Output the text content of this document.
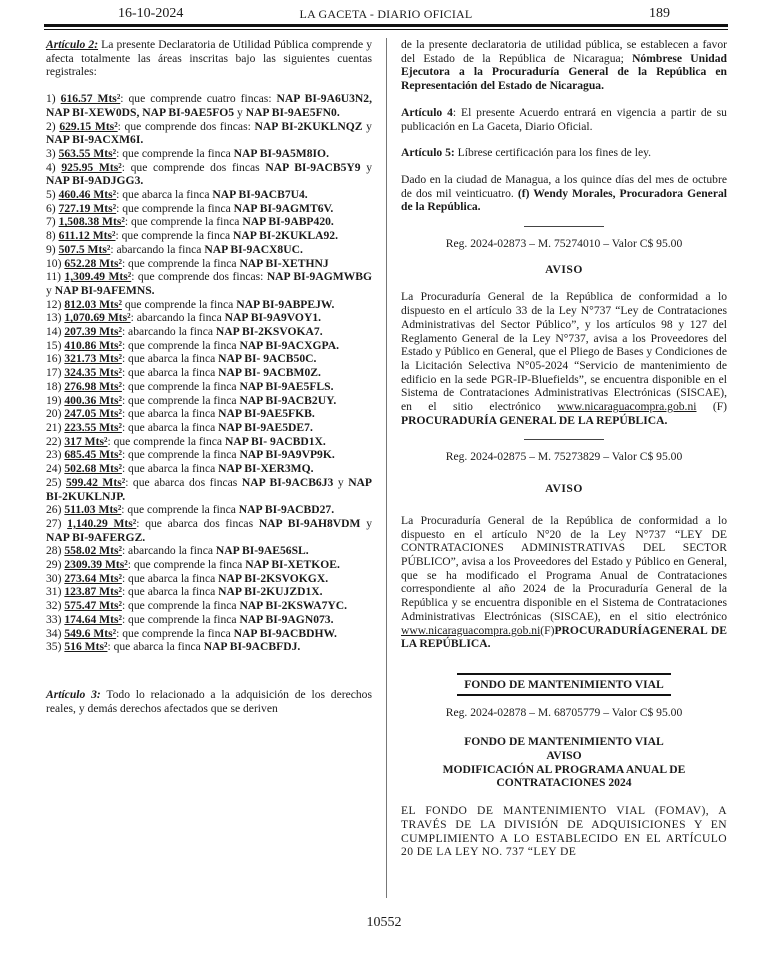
16-10-2024	LA GACETA - DIARIO OFICIAL	189

Artículo 2: La presente Declaratoria de Utilidad Pública comprende y afecta totalmente las áreas inscritas bajo las siguientes cuentas registrales:

1) 616.57 Mts²: que comprende cuatro fincas: NAP BI-9A6U3N2, NAP BI-XEW0DS, NAP BI-9AE5FO5 y NAP BI-9AE5FN0.

2) 629.15 Mts²: que comprende dos fincas: NAP BI-2KUKLNQZ y NAP BI-9ACXM6I.

3) 563.55 Mts²: que comprende la finca NAP BI-9A5M8IO.

4) 925.95 Mts²: que comprende dos fincas NAP BI-9ACB5Y9 y NAP BI-9ADJGG3.

5) 460.46 Mts²: que abarca la finca NAP BI-9ACB7U4.

6) 727.19 Mts²: que comprende la finca NAP BI-9AGMT6V.

7) 1,508.38 Mts²: que comprende la finca NAP BI-9ABP420.

8) 611.12 Mts²: que comprende la finca NAP BI-2KUKLA92.

9) 507.5 Mts²: abarcando la finca NAP BI-9ACX8UC.

10) 652.28 Mts²: que comprende la finca NAP BI-XETHNJ

11) 1,309.49 Mts²: que comprende dos fincas: NAP BI-9AGMWBG y NAP BI-9AFEMNS.

12) 812.03 Mts² que comprende la finca NAP BI-9ABPEJW.

13) 1,070.69 Mts²: abarcando la finca NAP BI-9A9VOY1.

14) 207.39 Mts²: abarcando la finca NAP BI-2KSVOKA7.

15) 410.86 Mts²: que comprende la finca NAP BI-9ACXGPA.

16) 321.73 Mts²: que abarca la finca NAP BI- 9ACB50C.

17) 324.35 Mts²: que abarca la finca NAP BI- 9ACBM0Z.

18) 276.98 Mts²: que comprende la finca NAP BI-9AE5FLS.

19) 400.36 Mts²: que comprende la finca NAP BI-9ACB2UY.

20) 247.05 Mts²: que abarca la finca NAP BI-9AE5FKB.

21) 223.55 Mts²: que abarca la finca NAP BI-9AE5DE7.

22) 317 Mts²: que comprende la finca NAP BI- 9ACBD1X.

23) 685.45 Mts²: que comprende la finca NAP BI-9A9VP9K.

24) 502.68 Mts²: que abarca la finca NAP BI-XER3MQ.

25) 599.42 Mts²: que abarca dos fincas NAP BI-9ACB6J3 y NAP BI-2KUKLNJP.

26) 511.03 Mts²: que comprende la finca NAP BI-9ACBD27.

27) 1,140.29 Mts²: que abarca dos fincas NAP BI-9AH8VDM y NAP BI-9AFERGZ.

28) 558.02 Mts²: abarcando la finca NAP BI-9AE56SL.

29) 2309.39 Mts²: que comprende la finca NAP BI-XETKOE.

30) 273.64 Mts²: que abarca la finca NAP BI-2KSVOKGX.

31) 123.87 Mts²: que abarca la finca NAP BI-2KUJZD1X.

32) 575.47 Mts²: que comprende la finca NAP BI-2KSWA7YC.

33) 174.64 Mts²: que comprende la finca NAP BI-9AGN073.

34) 549.6 Mts²: que comprende la finca NAP BI-9ACBDHW.

35) 516 Mts²: que abarca la finca NAP BI-9ACBFDJ.

Artículo 3: Todo lo relacionado a la adquisición de los derechos reales, y demás derechos afectados que se deriven

de la presente declaratoria de utilidad pública, se establecen a favor del Estado de la República de Nicaragua; Nómbrese Unidad Ejecutora a la Procuraduría General de la República en Representación del Estado de Nicaragua.

Artículo 4: El presente Acuerdo entrará en vigencia a partir de su publicación en La Gaceta, Diario Oficial.

Artículo 5: Líbrese certificación para los fines de ley.

Dado en la ciudad de Managua, a los quince días del mes de octubre de dos mil veinticuatro. (f) Wendy Morales, Procuradora General de la República.

Reg. 2024-02873 – M. 75274010 – Valor C$ 95.00

AVISO

La Procuraduría General de la República de conformidad a lo dispuesto en el artículo 33 de la Ley N°737 “Ley de Contrataciones Administrativas del Sector Público”, y los artículos 98 y 127 del Reglamento General de la Ley N°737, avisa a los Proveedores del Estado y Público en General, que el Pliego de Bases y Condiciones de la Licitación Selectiva N°05-2024 “Servicio de mantenimiento de edificio en la sede PGR-IP-Bluefields”, se encuentra disponible en el Sistema de Contrataciones Administrativas Electrónicas (SISCAE), en el sitio electrónico www.nicaraguacompra.gob.ni (F) PROCURADURÍA GENERAL DE LA REPÚBLICA.

Reg. 2024-02875 – M. 75273829 – Valor C$ 95.00

AVISO

La Procuraduría General de la República de conformidad a lo dispuesto en el artículo N°20 de la Ley N°737 “LEY DE CONTRATACIONES ADMINISTRATIVAS DEL SECTOR PÚBLICO”, avisa a los Proveedores del Estado y Público en General, que se ha modificado el Programa Anual de Contrataciones correspondiente al año 2024 de la Procuraduría General de la República y se encuentra disponible en el Sistema de Contrataciones Administrativas Electrónicas (SISCAE), en el sitio electrónico www.nicaraguacompra.gob.ni(F)PROCURADURÍAGENERAL DE LA REPÚBLICA.

FONDO DE MANTENIMIENTO VIAL

Reg. 2024-02878 – M. 68705779 – Valor C$ 95.00

FONDO DE MANTENIMIENTO VIAL

AVISO

MODIFICACIÓN AL PROGRAMA ANUAL DE CONTRATACIONES 2024

EL FONDO DE MANTENIMIENTO VIAL (FOMAV), A TRAVÉS DE LA DIVISIÓN DE ADQUISICIONES Y EN CUMPLIMIENTO A LO ESTABLECIDO EN EL ARTÍCULO 20 DE LA LEY NO. 737 “LEY DE

10552
